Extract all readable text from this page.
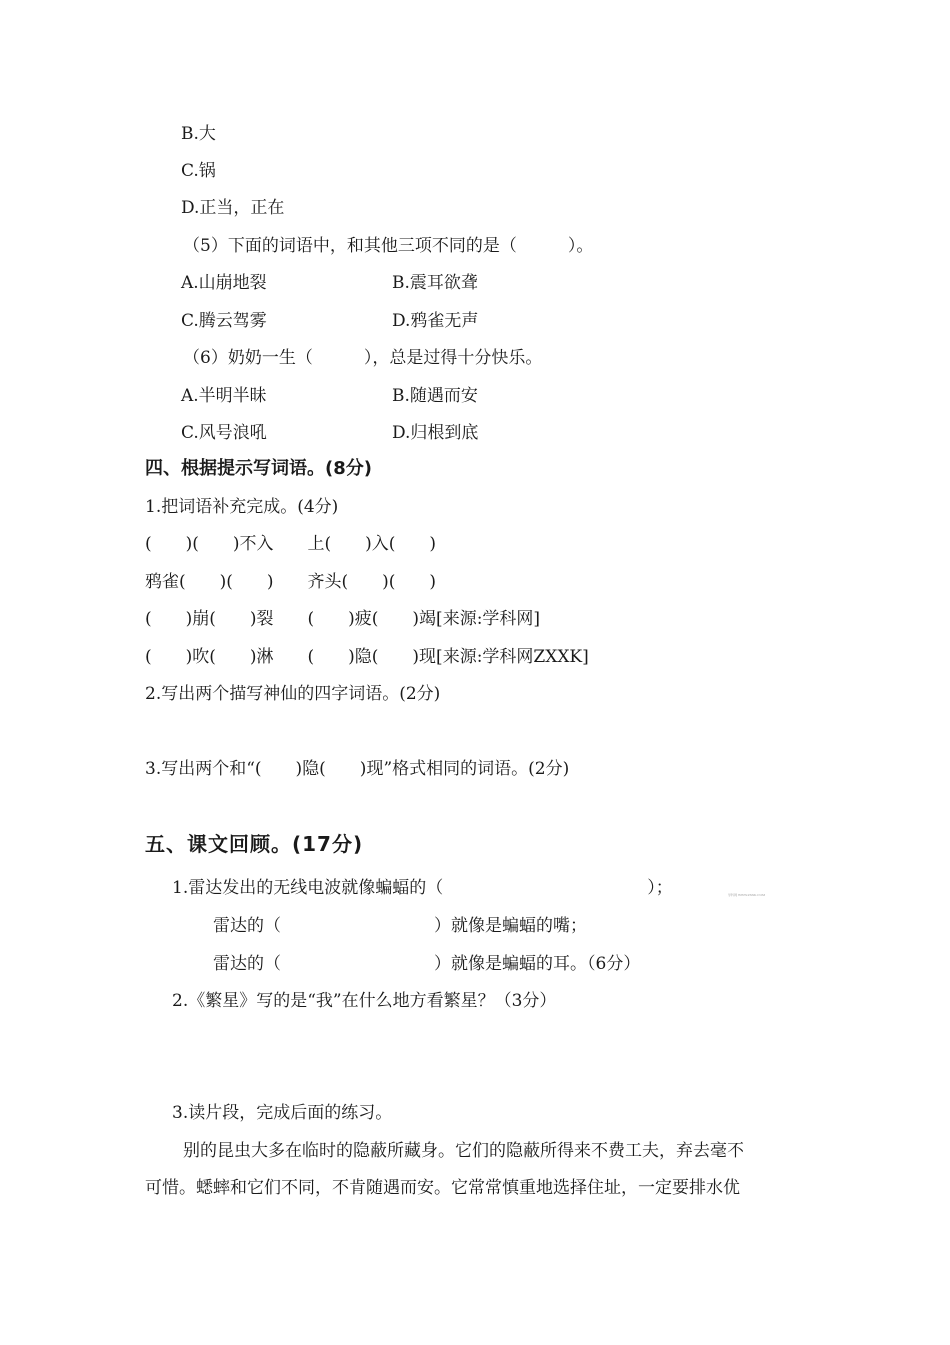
B.大
C.锅
D.正当，正在
（5）下面的词语中，和其他三项不同的是（　　　）。
A.山崩地裂	B.震耳欲聋
C.腾云驾雾	D.鸦雀无声
（6）奶奶一生（　　　），总是过得十分快乐。
A.半明半昧	B.随遇而安
C.风号浪吼	D.归根到底
四、根据提示写词语。(8分)
1.把词语补充完成。(4分)
(　　)(　　)不入　　上(　　)入(　　)
鸦雀(　　)(　　)　　齐头(　　)(　　)
(　　)崩(　　)裂　　(　　)疲(　　)竭[来源:学科网]
(　　)吹(　　)淋　　(　　)隐(　　)现[来源:学科网ZXXK]
2.写出两个描写神仙的四字词语。(2分)
3.写出两个和“(　　)隐(　　)现”格式相同的词语。(2分)
五、课文回顾。(17分)
1.雷达发出的无线电波就像蝙蝠的（　　　　　　　　　　　　）；	学科网 WWW.ZXXK.COM
雷达的（　　　　　　　　　）就像是蝙蝠的嘴；
雷达的（　　　　　　　　　）就像是蝙蝠的耳。（6分）
2.《繁星》写的是“我”在什么地方看繁星？（3分）
3.读片段，完成后面的练习。
别的昆虫大多在临时的隐蔽所藏身。它们的隐蔽所得来不费工夫，弃去毫不
可惜。蟋蟀和它们不同，不肯随遇而安。它常常慎重地选择住址，一定要排水优
